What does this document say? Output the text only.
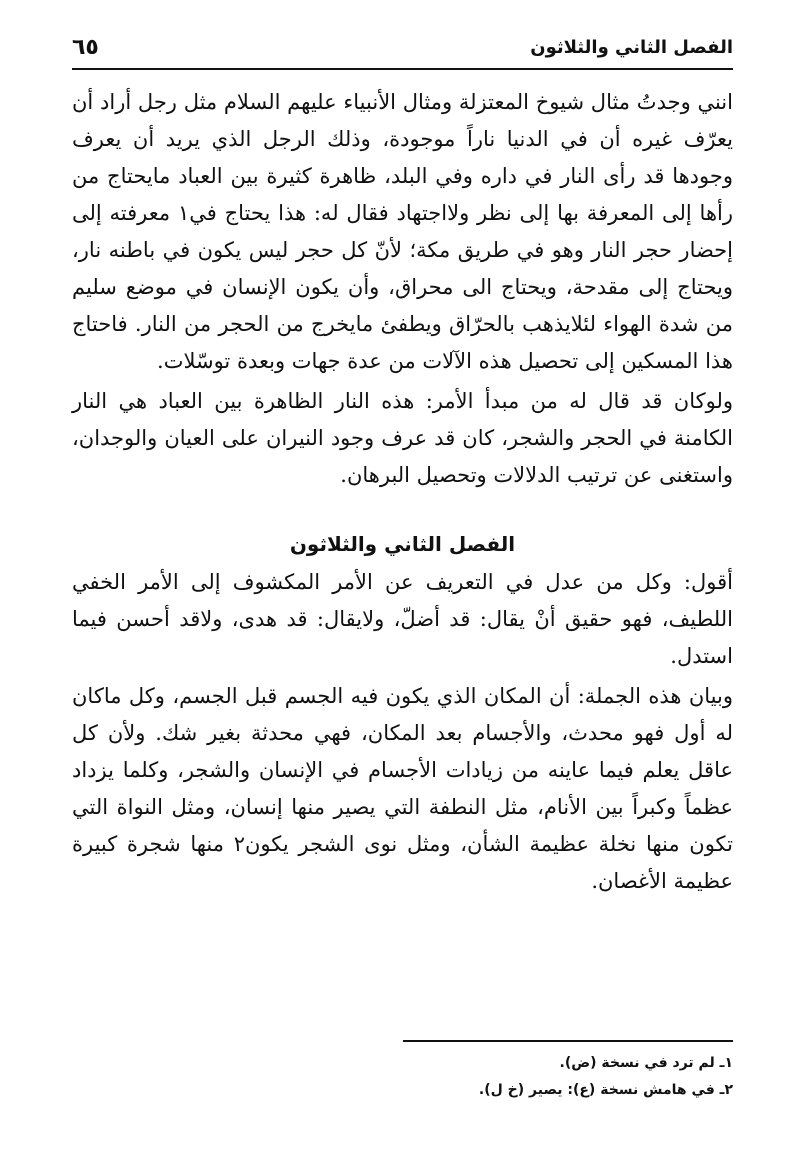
الفصل الثاني والثلاثون
٦٥

انني وجدتُ مثال شيوخ المعتزلة ومثال الأنبياء عليهم السلام مثل رجل أراد أن يعرّف غيره أن في الدنيا ناراً موجودة، وذلك الرجل الذي يريد أن يعرف وجودها قد رأى النار في داره وفي البلد، ظاهرة كثيرة بين العباد مايحتاج من رأها إلى المعرفة بها إلى نظر ولااجتهاد فقال له: هذا يحتاج في١ معرفته إلى إحضار حجر النار وهو في طريق مكة؛ لأنّ كل حجر ليس يكون في باطنه نار، ويحتاج إلى مقدحة، ويحتاج الى محراق، وأن يكون الإنسان في موضع سليم من شدة الهواء لئلايذهب بالحرّاق ويطفئ مايخرج من الحجر من النار. فاحتاج هذا المسكين إلى تحصيل هذه الآلات من عدة جهات وبعدة توسّلات.

ولوكان قد قال له من مبدأ الأمر: هذه النار الظاهرة بين العباد هي النار الكامنة في الحجر والشجر، كان قد عرف وجود النيران على العيان والوجدان، واستغنى عن ترتيب الدلالات وتحصيل البرهان.

الفصل الثاني والثلاثون

أقول: وكل من عدل في التعريف عن الأمر المكشوف إلى الأمر الخفي اللطيف، فهو حقيق أنْ يقال: قد أضلّ، ولايقال: قد هدى، ولاقد أحسن فيما استدل.

وبيان هذه الجملة: أن المكان الذي يكون فيه الجسم قبل الجسم، وكل ماكان له أول فهو محدث، والأجسام بعد المكان، فهي محدثة بغير شك. ولأن كل عاقل يعلم فيما عاينه من زيادات الأجسام في الإنسان والشجر، وكلما يزداد عظماً وكبراً بين الأنام، مثل النطفة التي يصير منها إنسان، ومثل النواة التي تكون منها نخلة عظيمة الشأن، ومثل نوى الشجر يكون٢ منها شجرة كبيرة عظيمة الأغصان.

١ـ لم ترد في نسخة (ض).

٢ـ في هامش نسخة (ع): يصير (خ ل).
